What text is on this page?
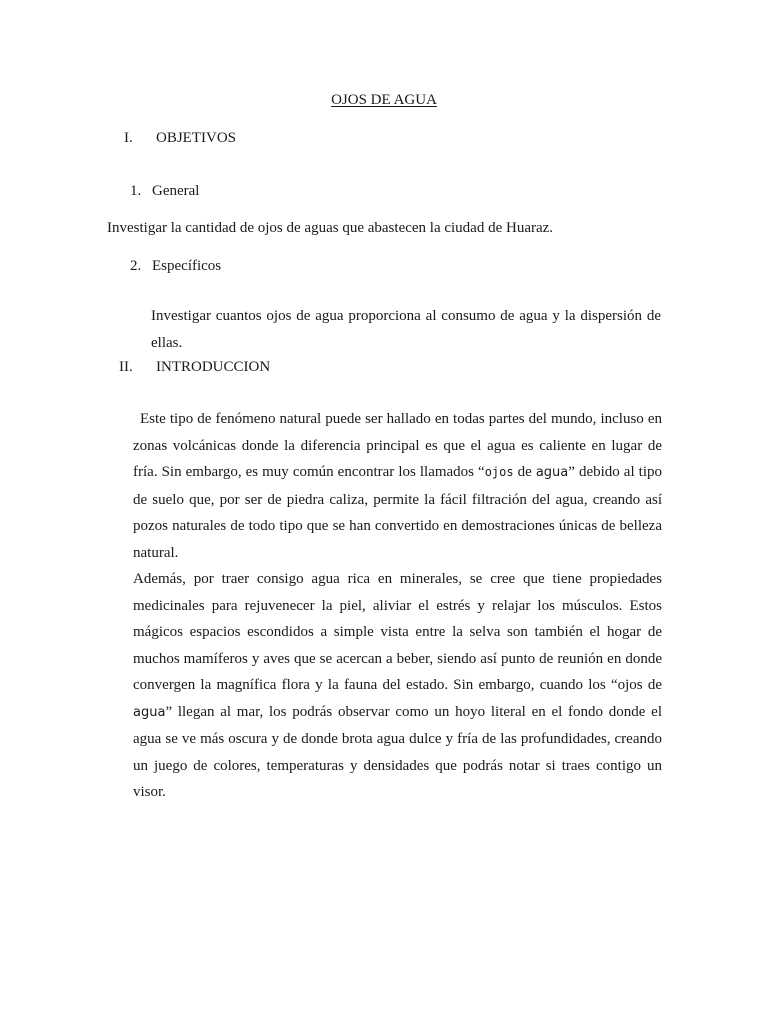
OJOS DE AGUA

I. OBJETIVOS
1. General

Investigar la cantidad de ojos de aguas que abastecen la ciudad de Huaraz.

2. Específicos

Investigar cuantos ojos de agua proporciona al consumo de agua y la dispersión de ellas.

II. INTRODUCCION

Este tipo de fenómeno natural puede ser hallado en todas partes del mundo, incluso en zonas volcánicas donde la diferencia principal es que el agua es caliente en lugar de fría. Sin embargo, es muy común encontrar los llamados “ojos de agua” debido al tipo de suelo que, por ser de piedra caliza, permite la fácil filtración del agua, creando así pozos naturales de todo tipo que se han convertido en demostraciones únicas de belleza natural.

Además, por traer consigo agua rica en minerales, se cree que tiene propiedades medicinales para rejuvenecer la piel, aliviar el estrés y relajar los músculos. Estos mágicos espacios escondidos a simple vista entre la selva son también el hogar de muchos mamíferos y aves que se acercan a beber, siendo así punto de reunión en donde convergen la magnífica flora y la fauna del estado. Sin embargo, cuando los “ojos de agua” llegan al mar, los podrás observar como un hoyo literal en el fondo donde el agua se ve más oscura y de donde brota agua dulce y fría de las profundidades, creando un juego de colores, temperaturas y densidades que podrás notar si traes contigo un visor.
